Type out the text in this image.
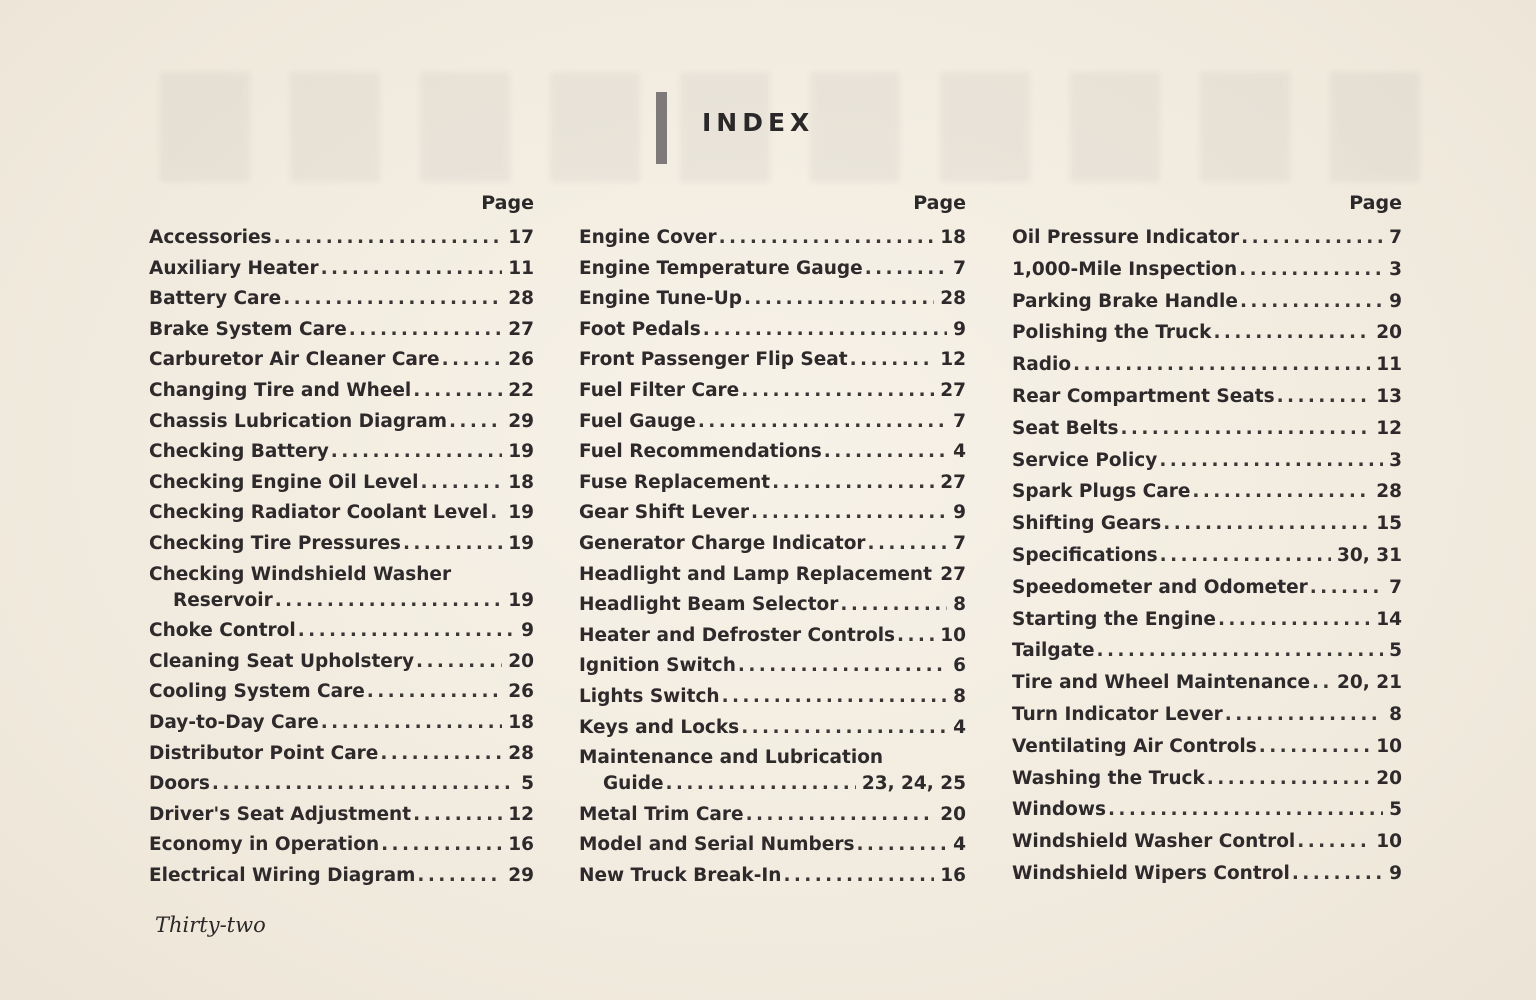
INDEX
Page
Accessories .....	17
Auxiliary Heater .....	11
Battery Care .....	28
Brake System Care .....	27
Carburetor Air Cleaner Care .....	26
Changing Tire and Wheel .....	22
Chassis Lubrication Diagram .....	29
Checking Battery .....	19
Checking Engine Oil Level .....	18
Checking Radiator Coolant Level ..... 19
Checking Tire Pressures .....	19
Checking Windshield Washer
Reservoir .....	19
Choke Control .....	9
Cleaning Seat Upholstery .....	20
Cooling System Care .....	26
Day-to-Day Care .....	18
Distributor Point Care .....	28
Doors .....	5
Driver's Seat Adjustment .....	12
Economy in Operation .....	16
Electrical Wiring Diagram .....	29
Page
Engine Cover .....	18
Engine Temperature Gauge .....	7
Engine Tune-Up .....	28
Foot Pedals .....	9
Front Passenger Flip Seat .....	12
Fuel Filter Care .....	27
Fuel Gauge .....	7
Fuel Recommendations .....	4
Fuse Replacement .....	27
Gear Shift Lever .....	9
Generator Charge Indicator .....	7
Headlight and Lamp Replacement ..... 27
Headlight Beam Selector .....	8
Heater and Defroster Controls ..... 10
Ignition Switch .....	6
Lights Switch .....	8
Keys and Locks .....	4
Maintenance and Lubrication
Guide .....	23, 24, 25
Metal Trim Care .....	20
Model and Serial Numbers .....	4
New Truck Break-In .....	16
Page
Oil Pressure Indicator .....	7
1,000-Mile Inspection .....	3
Parking Brake Handle .....	9
Polishing the Truck .....	20
Radio .....	11
Rear Compartment Seats .....	13
Seat Belts .....	12
Service Policy .....	3
Spark Plugs Care .....	28
Shifting Gears .....	15
Specifications .....	30, 31
Speedometer and Odometer .....	7
Starting the Engine .....	14
Tailgate .....	5
Tire and Wheel Maintenance ..... 20, 21
Turn Indicator Lever .....	8
Ventilating Air Controls .....	10
Washing the Truck .....	20
Windows .....	5
Windshield Washer Control .....	10
Windshield Wipers Control .....	9
Thirty-two
